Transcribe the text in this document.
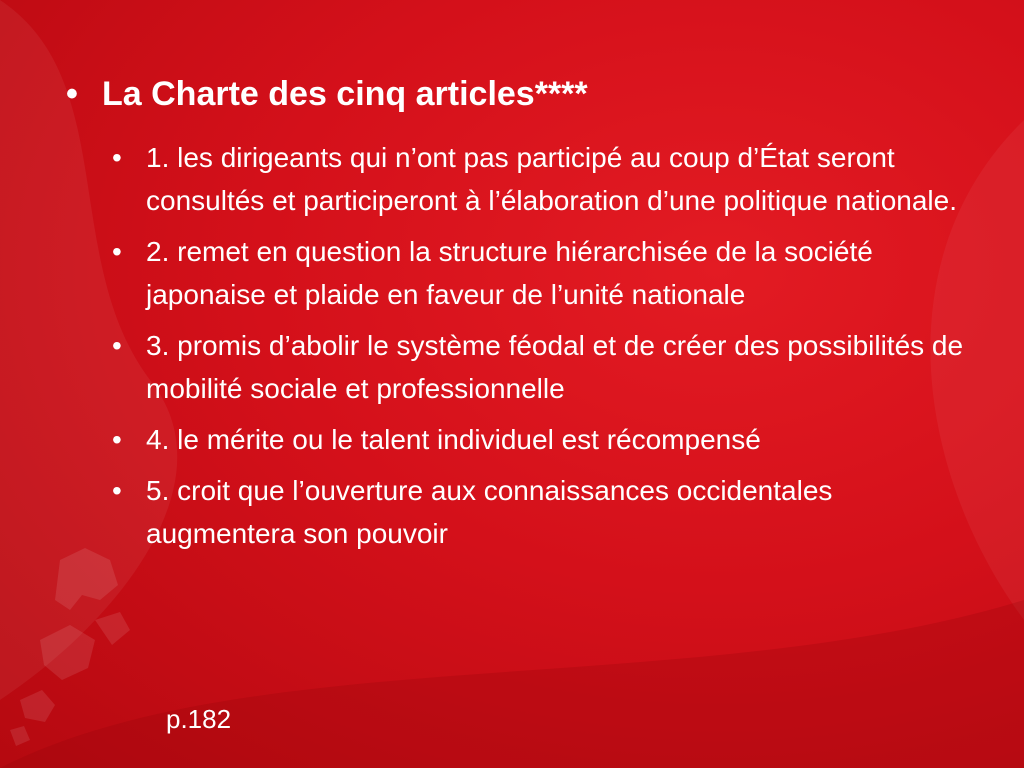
• La Charte des cinq articles****
• 1. les dirigeants qui n’ont pas participé au coup d’État seront consultés et participeront à l’élaboration d’une politique nationale.
• 2. remet en question la structure hiérarchisée de la société japonaise et plaide en faveur de l’unité nationale
• 3. promis d’abolir le système féodal et de créer des possibilités de mobilité sociale et professionnelle
• 4. le mérite ou le talent individuel est récompensé
• 5. croit que l’ouverture aux connaissances occidentales augmentera son pouvoir
p.182
